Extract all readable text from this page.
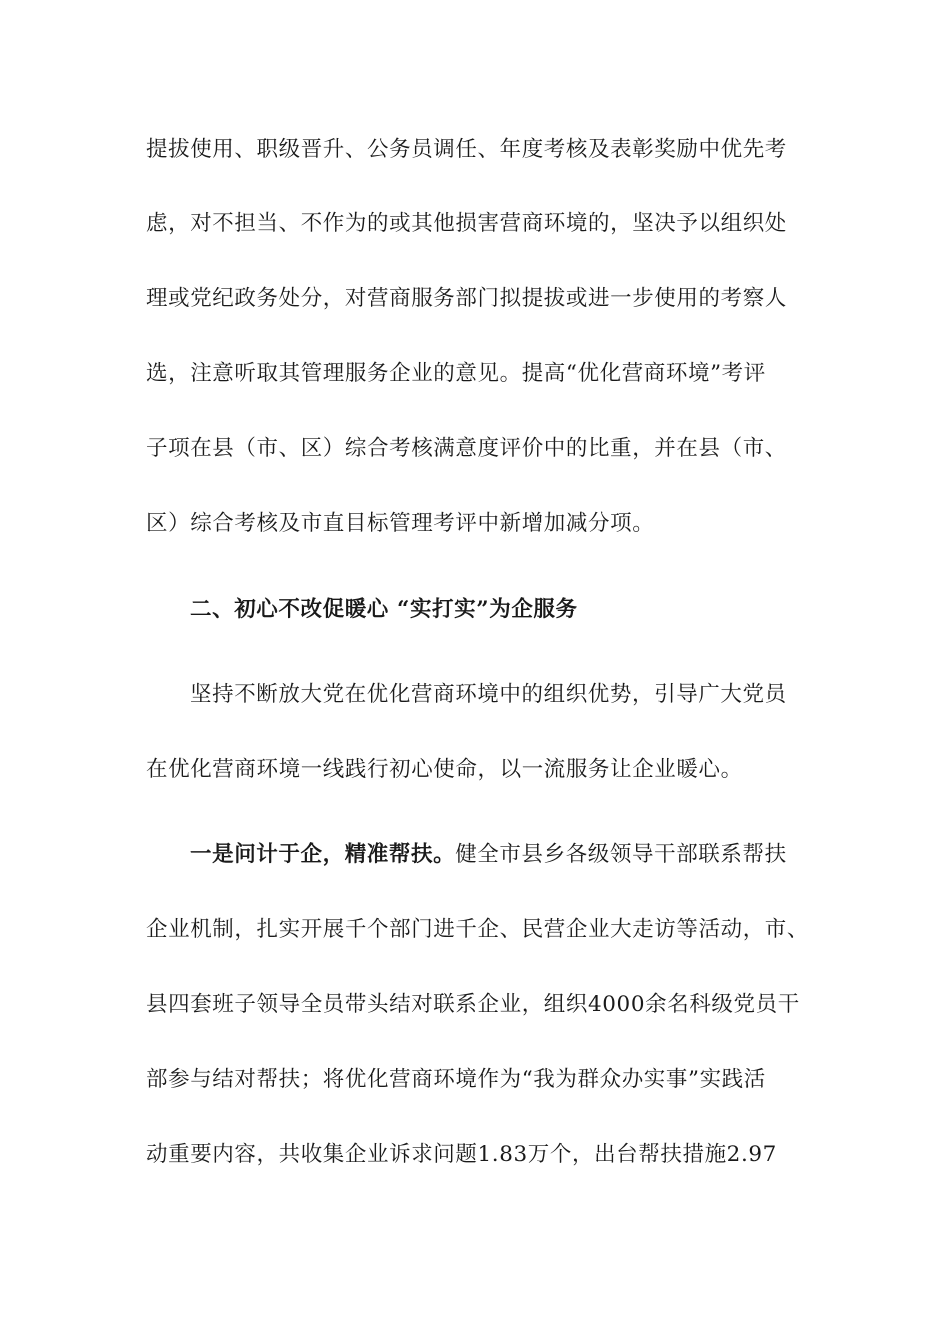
提拔使用、职级晋升、公务员调任、年度考核及表彰奖励中优先考
虑，对不担当、不作为的或其他损害营商环境的，坚决予以组织处
理或党纪政务处分，对营商服务部门拟提拔或进一步使用的考察人
选，注意听取其管理服务企业的意见。提高“优化营商环境”考评
子项在县（市、区）综合考核满意度评价中的比重，并在县（市、
区）综合考核及市直目标管理考评中新增加减分项。
二、初心不改促暖心 “实打实”为企服务
坚持不断放大党在优化营商环境中的组织优势，引导广大党员
在优化营商环境一线践行初心使命，以一流服务让企业暖心。
一是问计于企，精准帮扶。健全市县乡各级领导干部联系帮扶
企业机制，扎实开展千个部门进千企、民营企业大走访等活动，市、
县四套班子领导全员带头结对联系企业，组织4000余名科级党员干
部参与结对帮扶；将优化营商环境作为“我为群众办实事”实践活
动重要内容，共收集企业诉求问题1.83万个，出台帮扶措施2.97
